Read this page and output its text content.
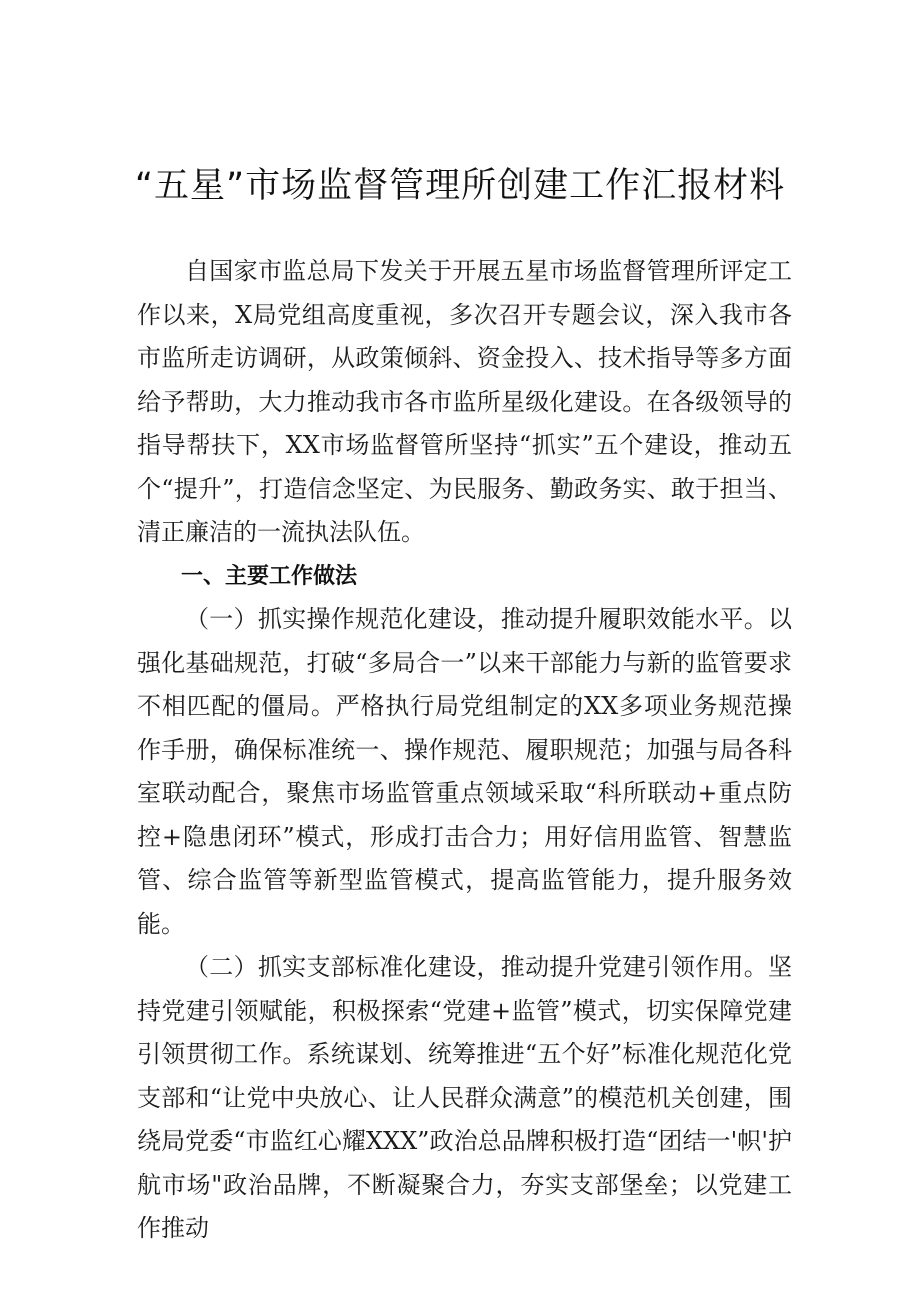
“五星”市场监督管理所创建工作汇报材料

自国家市监总局下发关于开展五星市场监督管理所评定工作以来，X局党组高度重视，多次召开专题会议，深入我市各市监所走访调研，从政策倾斜、资金投入、技术指导等多方面给予帮助，大力推动我市各市监所星级化建设。在各级领导的指导帮扶下，XX市场监督管所坚持“抓实”五个建设，推动五个“提升”，打造信念坚定、为民服务、勤政务实、敢于担当、清正廉洁的一流执法队伍。

一、主要工作做法

（一）抓实操作规范化建设，推动提升履职效能水平。以强化基础规范，打破“多局合一”以来干部能力与新的监管要求不相匹配的僵局。严格执行局党组制定的XX多项业务规范操作手册，确保标准统一、操作规范、履职规范；加强与局各科室联动配合，聚焦市场监管重点领域采取“科所联动+重点防控+隐患闭环”模式，形成打击合力；用好信用监管、智慧监管、综合监管等新型监管模式，提高监管能力，提升服务效能。

（二）抓实支部标准化建设，推动提升党建引领作用。坚持党建引领赋能，积极探索“党建+监管”模式，切实保障党建引领贯彻工作。系统谋划、统筹推进“五个好”标准化规范化党支部和“让党中央放心、让人民群众满意”的模范机关创建，围绕局党委“市监红心耀XXX”政治总品牌积极打造“团结一'帜'护航市场"政治品牌，不断凝聚合力，夯实支部堡垒；以党建工作推动
